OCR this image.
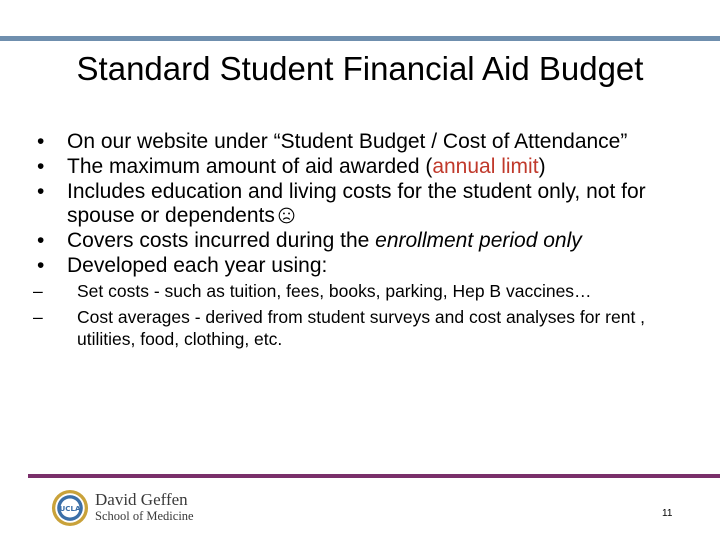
Standard Student Financial Aid Budget
• On our website under “Student Budget / Cost of Attendance”
• The maximum amount of aid awarded (annual limit)
• Includes education and living costs for the student only, not for spouse or dependents
• Covers costs incurred during the enrollment period only
• Developed each year using:
– Set costs - such as tuition, fees, books, parking, Hep B vaccines…
– Cost averages - derived from student surveys and cost analyses for rent , utilities, food, clothing, etc.
UCLA David Geffen
School of Medicine	11
